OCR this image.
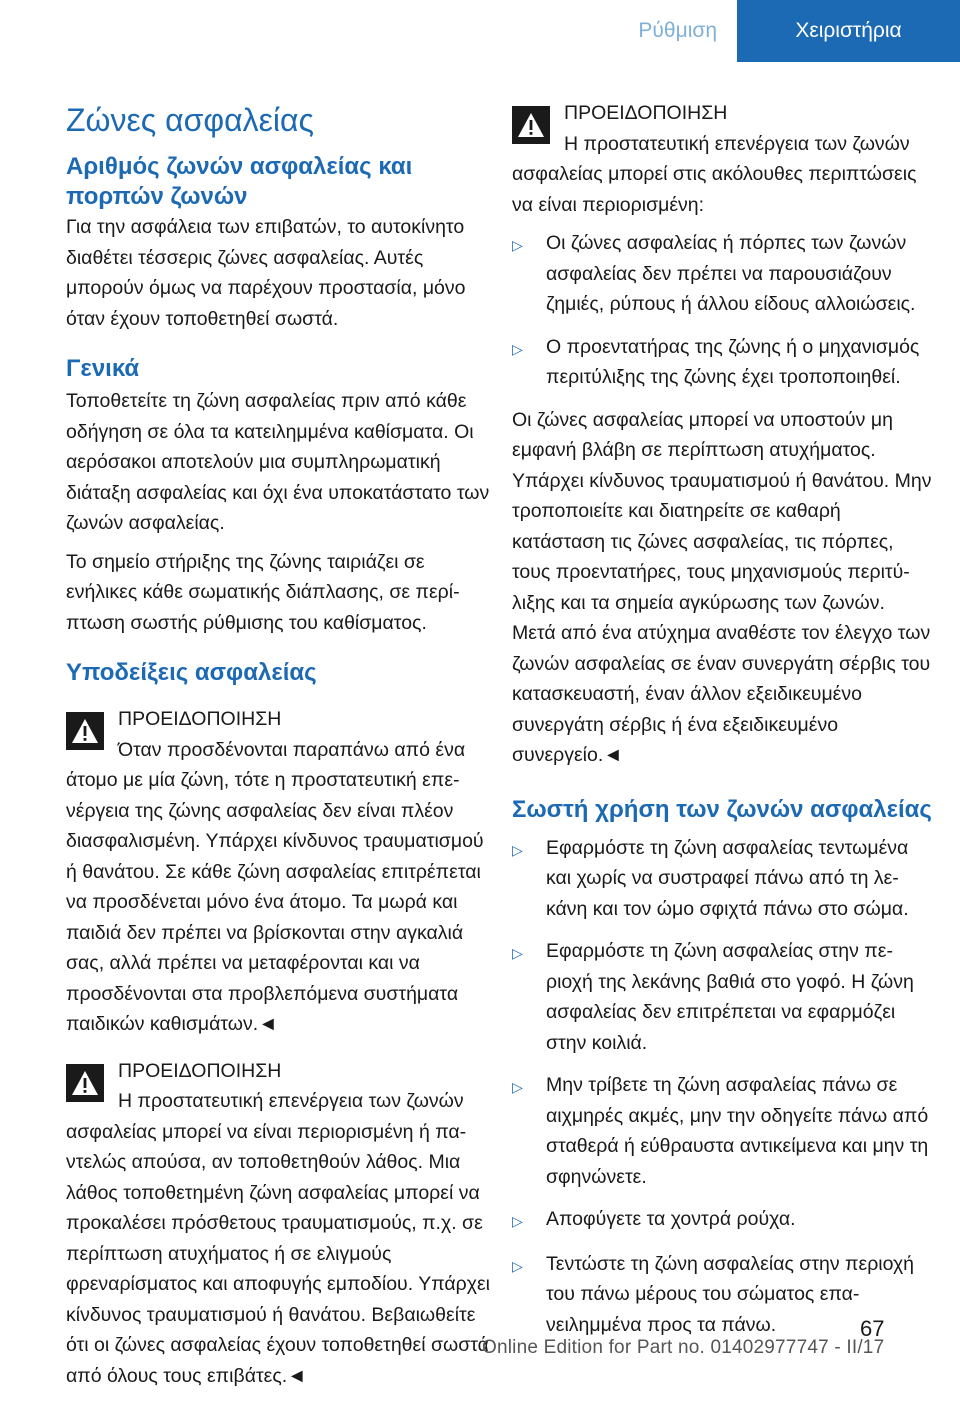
Ρύθμιση	Χειριστήρια
Ζώνες ασφαλείας
Αριθμός ζωνών ασφαλείας και πορπών ζωνών

Για την ασφάλεια των επιβατών, το αυτοκίνητο διαθέτει τέσσερις ζώνες ασφαλείας. Αυτές μπορούν όμως να παρέχουν προστασία, μόνο όταν έχουν τοποθετηθεί σωστά.

Γενικά

Τοποθετείτε τη ζώνη ασφαλείας πριν από κάθε οδήγηση σε όλα τα κατειλημμένα καθίσματα. Οι αερόσακοι αποτελούν μια συμπληρωματική διάταξη ασφαλείας και όχι ένα υποκατάστατο των ζωνών ασφαλείας.

Το σημείο στήριξης της ζώνης ταιριάζει σε ενήλικες κάθε σωματικής διάπλασης, σε περίπτωση σωστής ρύθμισης του καθίσματος.

Υποδείξεις ασφαλείας
ΠΡΟΕΙΔΟΠΟΙΗΣΗ
Όταν προσδένονται παραπάνω από ένα

άτομο με μία ζώνη, τότε η προστατευτική επενέργεια της ζώνης ασφαλείας δεν είναι πλέον διασφαλισμένη. Υπάρχει κίνδυνος τραυματισμού ή θανάτου. Σε κάθε ζώνη ασφαλείας επιτρέπεται να προσδένεται μόνο ένα άτομο. Τα μωρά και παιδιά δεν πρέπει να βρίσκονται στην αγκαλιά σας, αλλά πρέπει να μεταφέρονται και να προσδένονται στα προβλεπόμενα συστήματα παιδικών καθισμάτων.◄

ΠΡΟΕΙΔΟΠΟΙΗΣΗ
Η προστατευτική επενέργεια των ζωνών

ασφαλείας μπορεί να είναι περιορισμένη ή παντελώς απούσα, αν τοποθετηθούν λάθος. Μια λάθος τοποθετημένη ζώνη ασφαλείας μπορεί να προκαλέσει πρόσθετους τραυματισμούς, π.χ. σε περίπτωση ατυχήματος ή σε ελιγμούς φρεναρίσματος και αποφυγής εμποδίου. Υπάρχει κίνδυνος τραυματισμού ή θανάτου. Βεβαιωθείτε ότι οι ζώνες ασφαλείας έχουν τοποθετηθεί σωστά από όλους τους επιβάτες.◄

ΠΡΟΕΙΔΟΠΟΙΗΣΗ
Η προστατευτική επενέργεια των ζωνών

ασφαλείας μπορεί στις ακόλουθες περιπτώσεις να είναι περιορισμένη:

▷	Οι ζώνες ασφαλείας ή πόρπες των ζωνών ασφαλείας δεν πρέπει να παρουσιάζουν ζημιές, ρύπους ή άλλου είδους αλλοιώσεις.
▷	Ο προεντατήρας της ζώνης ή ο μηχανισμός περιτύλιξης της ζώνης έχει τροποποιηθεί.

Οι ζώνες ασφαλείας μπορεί να υποστούν μη εμφανή βλάβη σε περίπτωση ατυχήματος. Υπάρχει κίνδυνος τραυματισμού ή θανάτου. Μην τροποποιείτε και διατηρείτε σε καθαρή κατάσταση τις ζώνες ασφαλείας, τις πόρπες, τους προεντατήρες, τους μηχανισμούς περιτύλιξης και τα σημεία αγκύρωσης των ζωνών. Μετά από ένα ατύχημα αναθέστε τον έλεγχο των ζωνών ασφαλείας σε έναν συνεργάτη σέρβις του κατασκευαστή, έναν άλλον εξειδικευμένο συνεργάτη σέρβις ή ένα εξειδικευμένο συνεργείο.◄

Σωστή χρήση των ζωνών ασφαλείας
▷	Εφαρμόστε τη ζώνη ασφαλείας τεντωμένα και χωρίς να συστραφεί πάνω από τη λεκάνη και τον ώμο σφιχτά πάνω στο σώμα.
▷	Εφαρμόστε τη ζώνη ασφαλείας στην περιοχή της λεκάνης βαθιά στο γοφό. Η ζώνη ασφαλείας δεν επιτρέπεται να εφαρμόζει στην κοιλιά.
▷	Μην τρίβετε τη ζώνη ασφαλείας πάνω σε αιχμηρές ακμές, μην την οδηγείτε πάνω από σταθερά ή εύθραυστα αντικείμενα και μην τη σφηνώνετε.
▷	Αποφύγετε τα χοντρά ρούχα.
▷	Τεντώστε τη ζώνη ασφαλείας στην περιοχή του πάνω μέρους του σώματος επανειλημμένα προς τα πάνω.	67
Online Edition for Part no. 01402977747 - II/17
